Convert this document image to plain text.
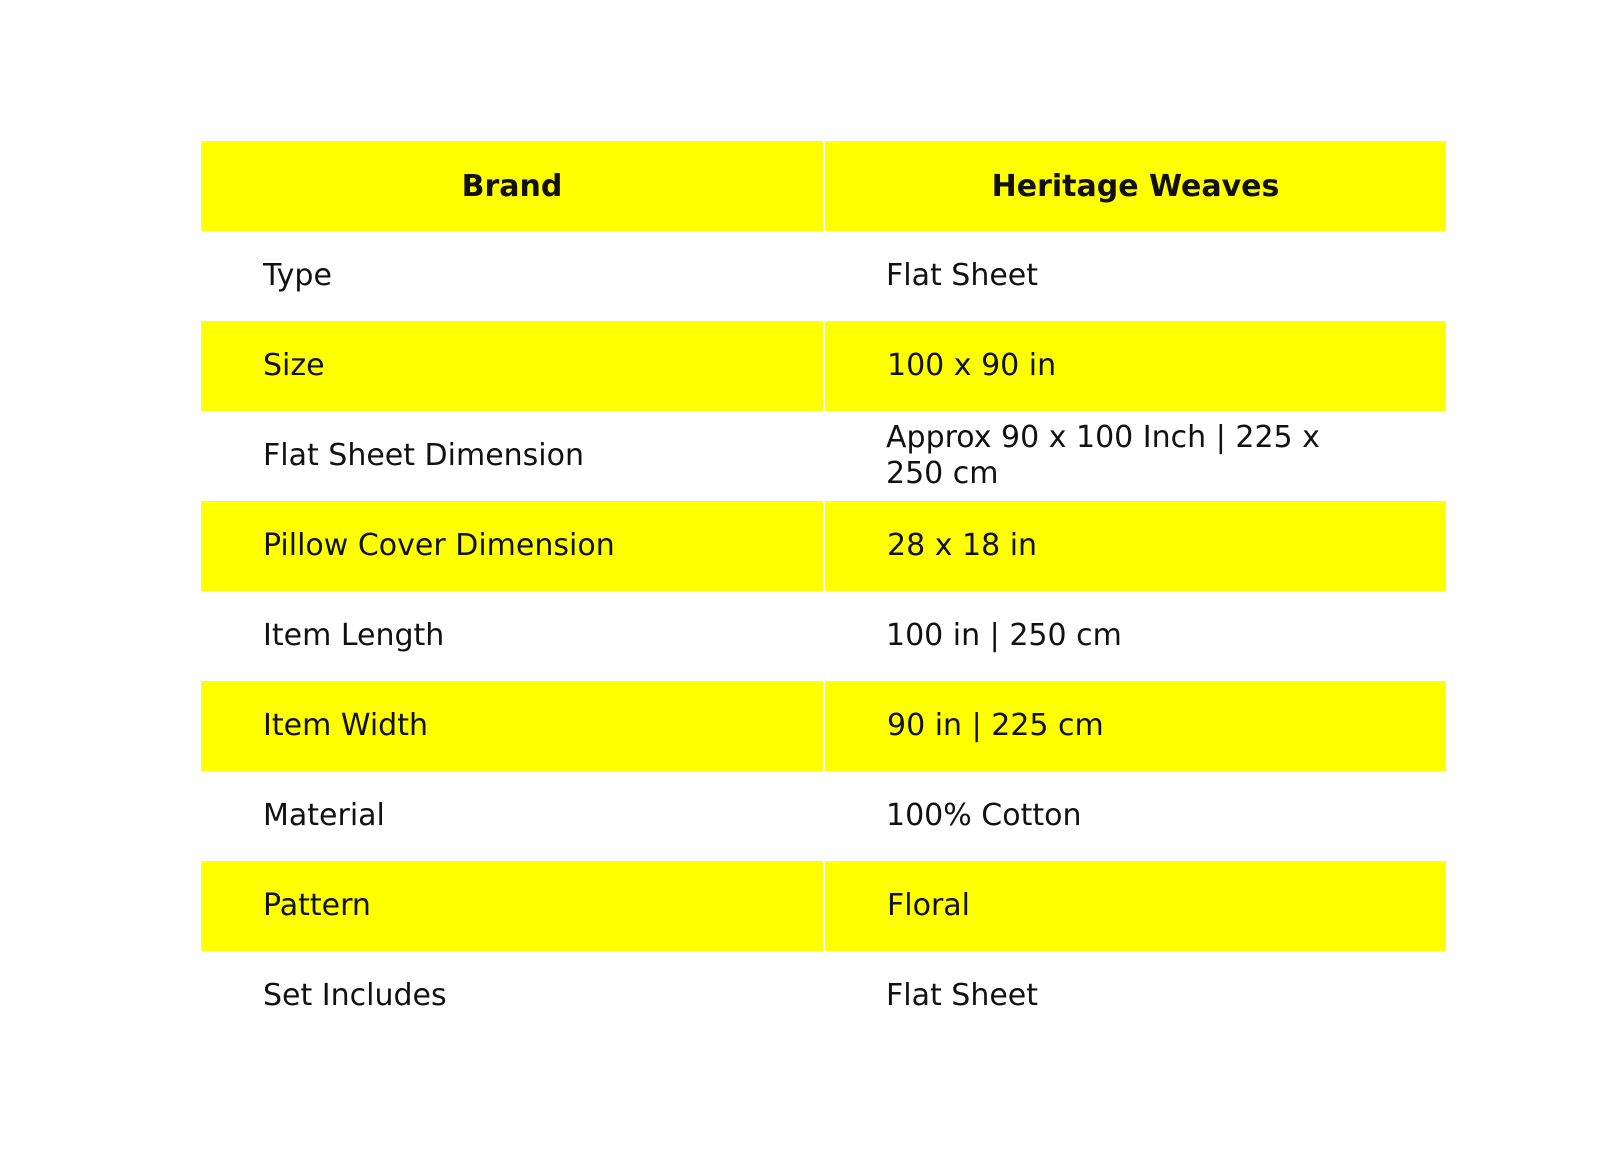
Brand	Heritage Weaves
Type	Flat Sheet
Size	100 x 90 in
Flat Sheet Dimension	Approx 90 x 100 Inch | 225 x 250 cm
Pillow Cover Dimension	28 x 18 in
Item Length	100 in | 250 cm
Item Width	90 in | 225 cm
Material	100% Cotton
Pattern	Floral
Set Includes	Flat Sheet
